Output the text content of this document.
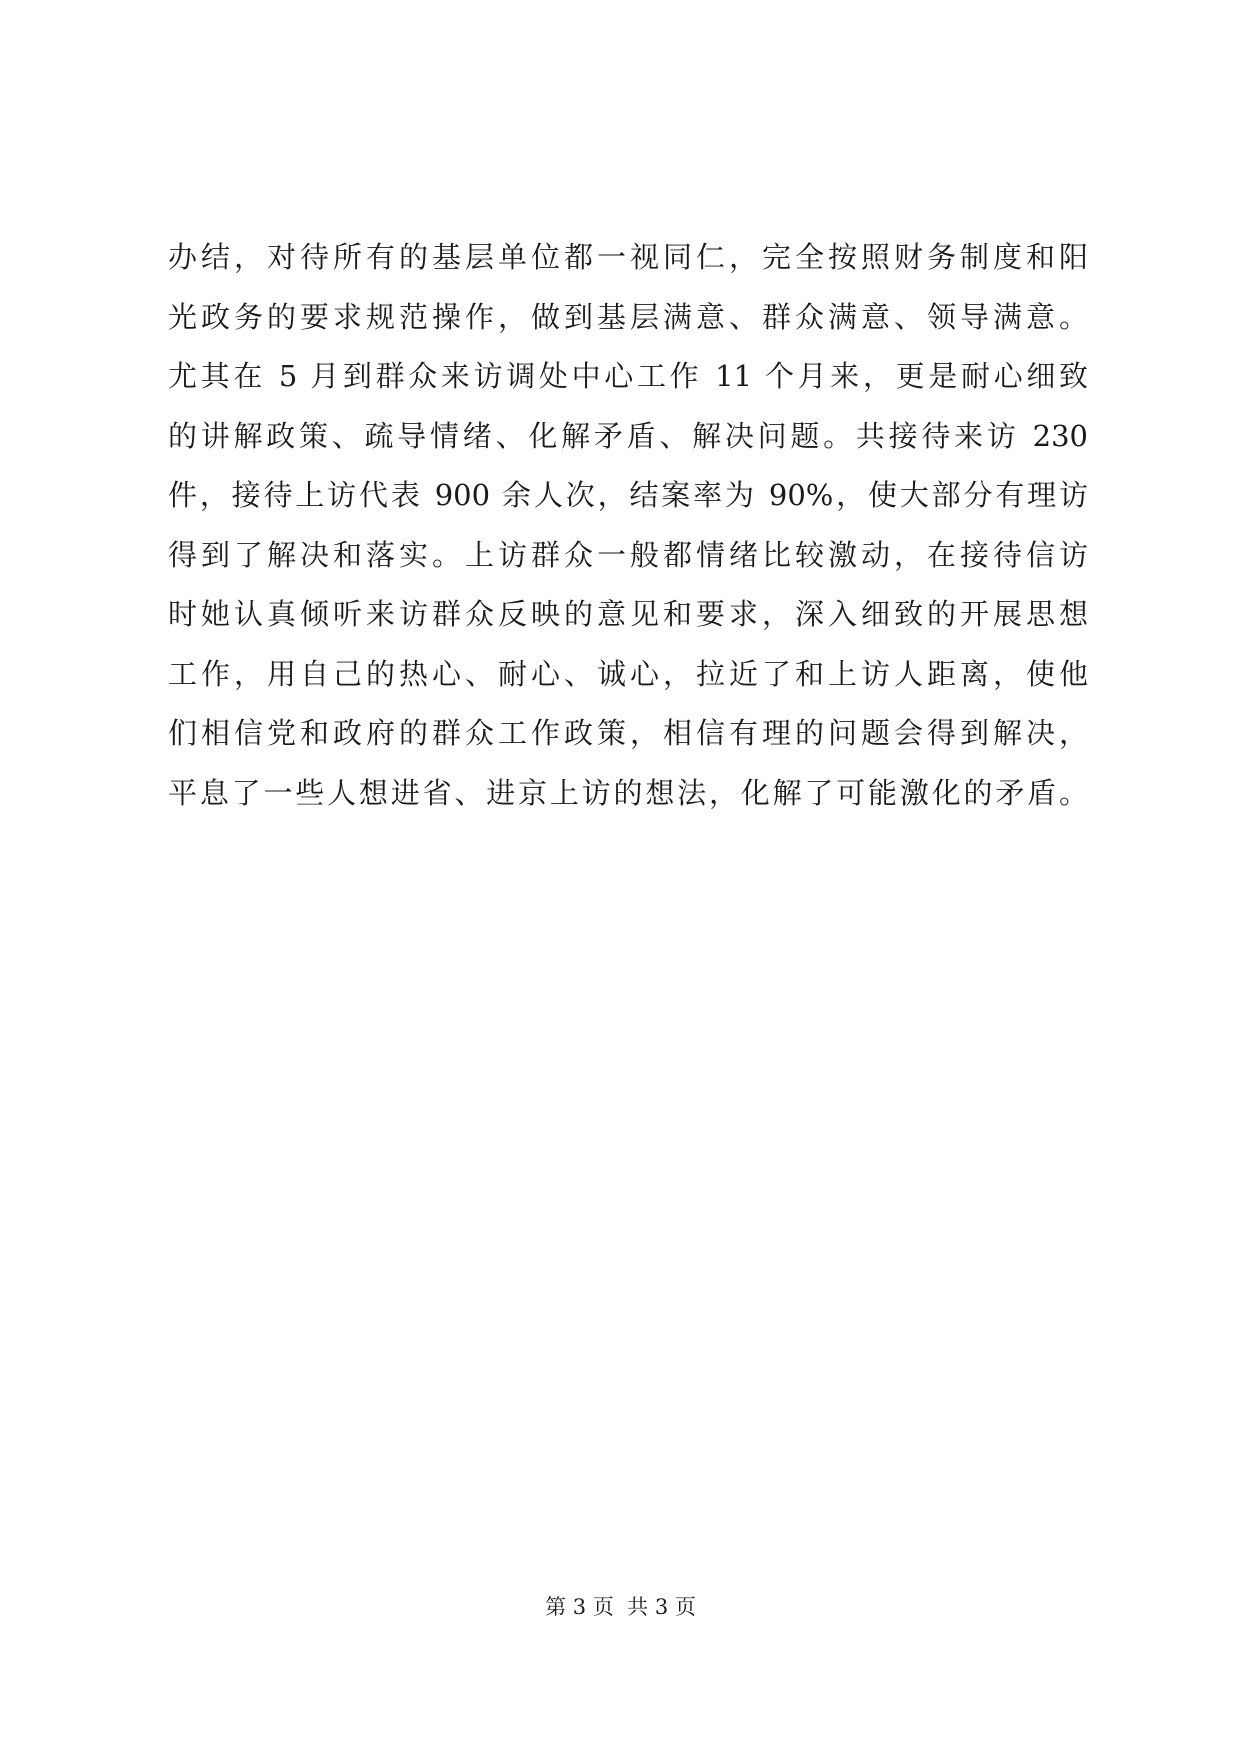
办结，对待所有的基层单位都一视同仁，完全按照财务制度和阳
光政务的要求规范操作，做到基层满意、群众满意、领导满意。
尤其在 5 月到群众来访调处中心工作 11 个月来，更是耐心细致
的讲解政策、疏导情绪、化解矛盾、解决问题。共接待来访 230
件，接待上访代表 900 余人次，结案率为 90%，使大部分有理访
得到了解决和落实。上访群众一般都情绪比较激动，在接待信访
时她认真倾听来访群众反映的意见和要求，深入细致的开展思想
工作，用自己的热心、耐心、诚心，拉近了和上访人距离，使他
们相信党和政府的群众工作政策，相信有理的问题会得到解决，
平息了一些人想进省、进京上访的想法，化解了可能激化的矛盾。
第 3 页  共 3 页
